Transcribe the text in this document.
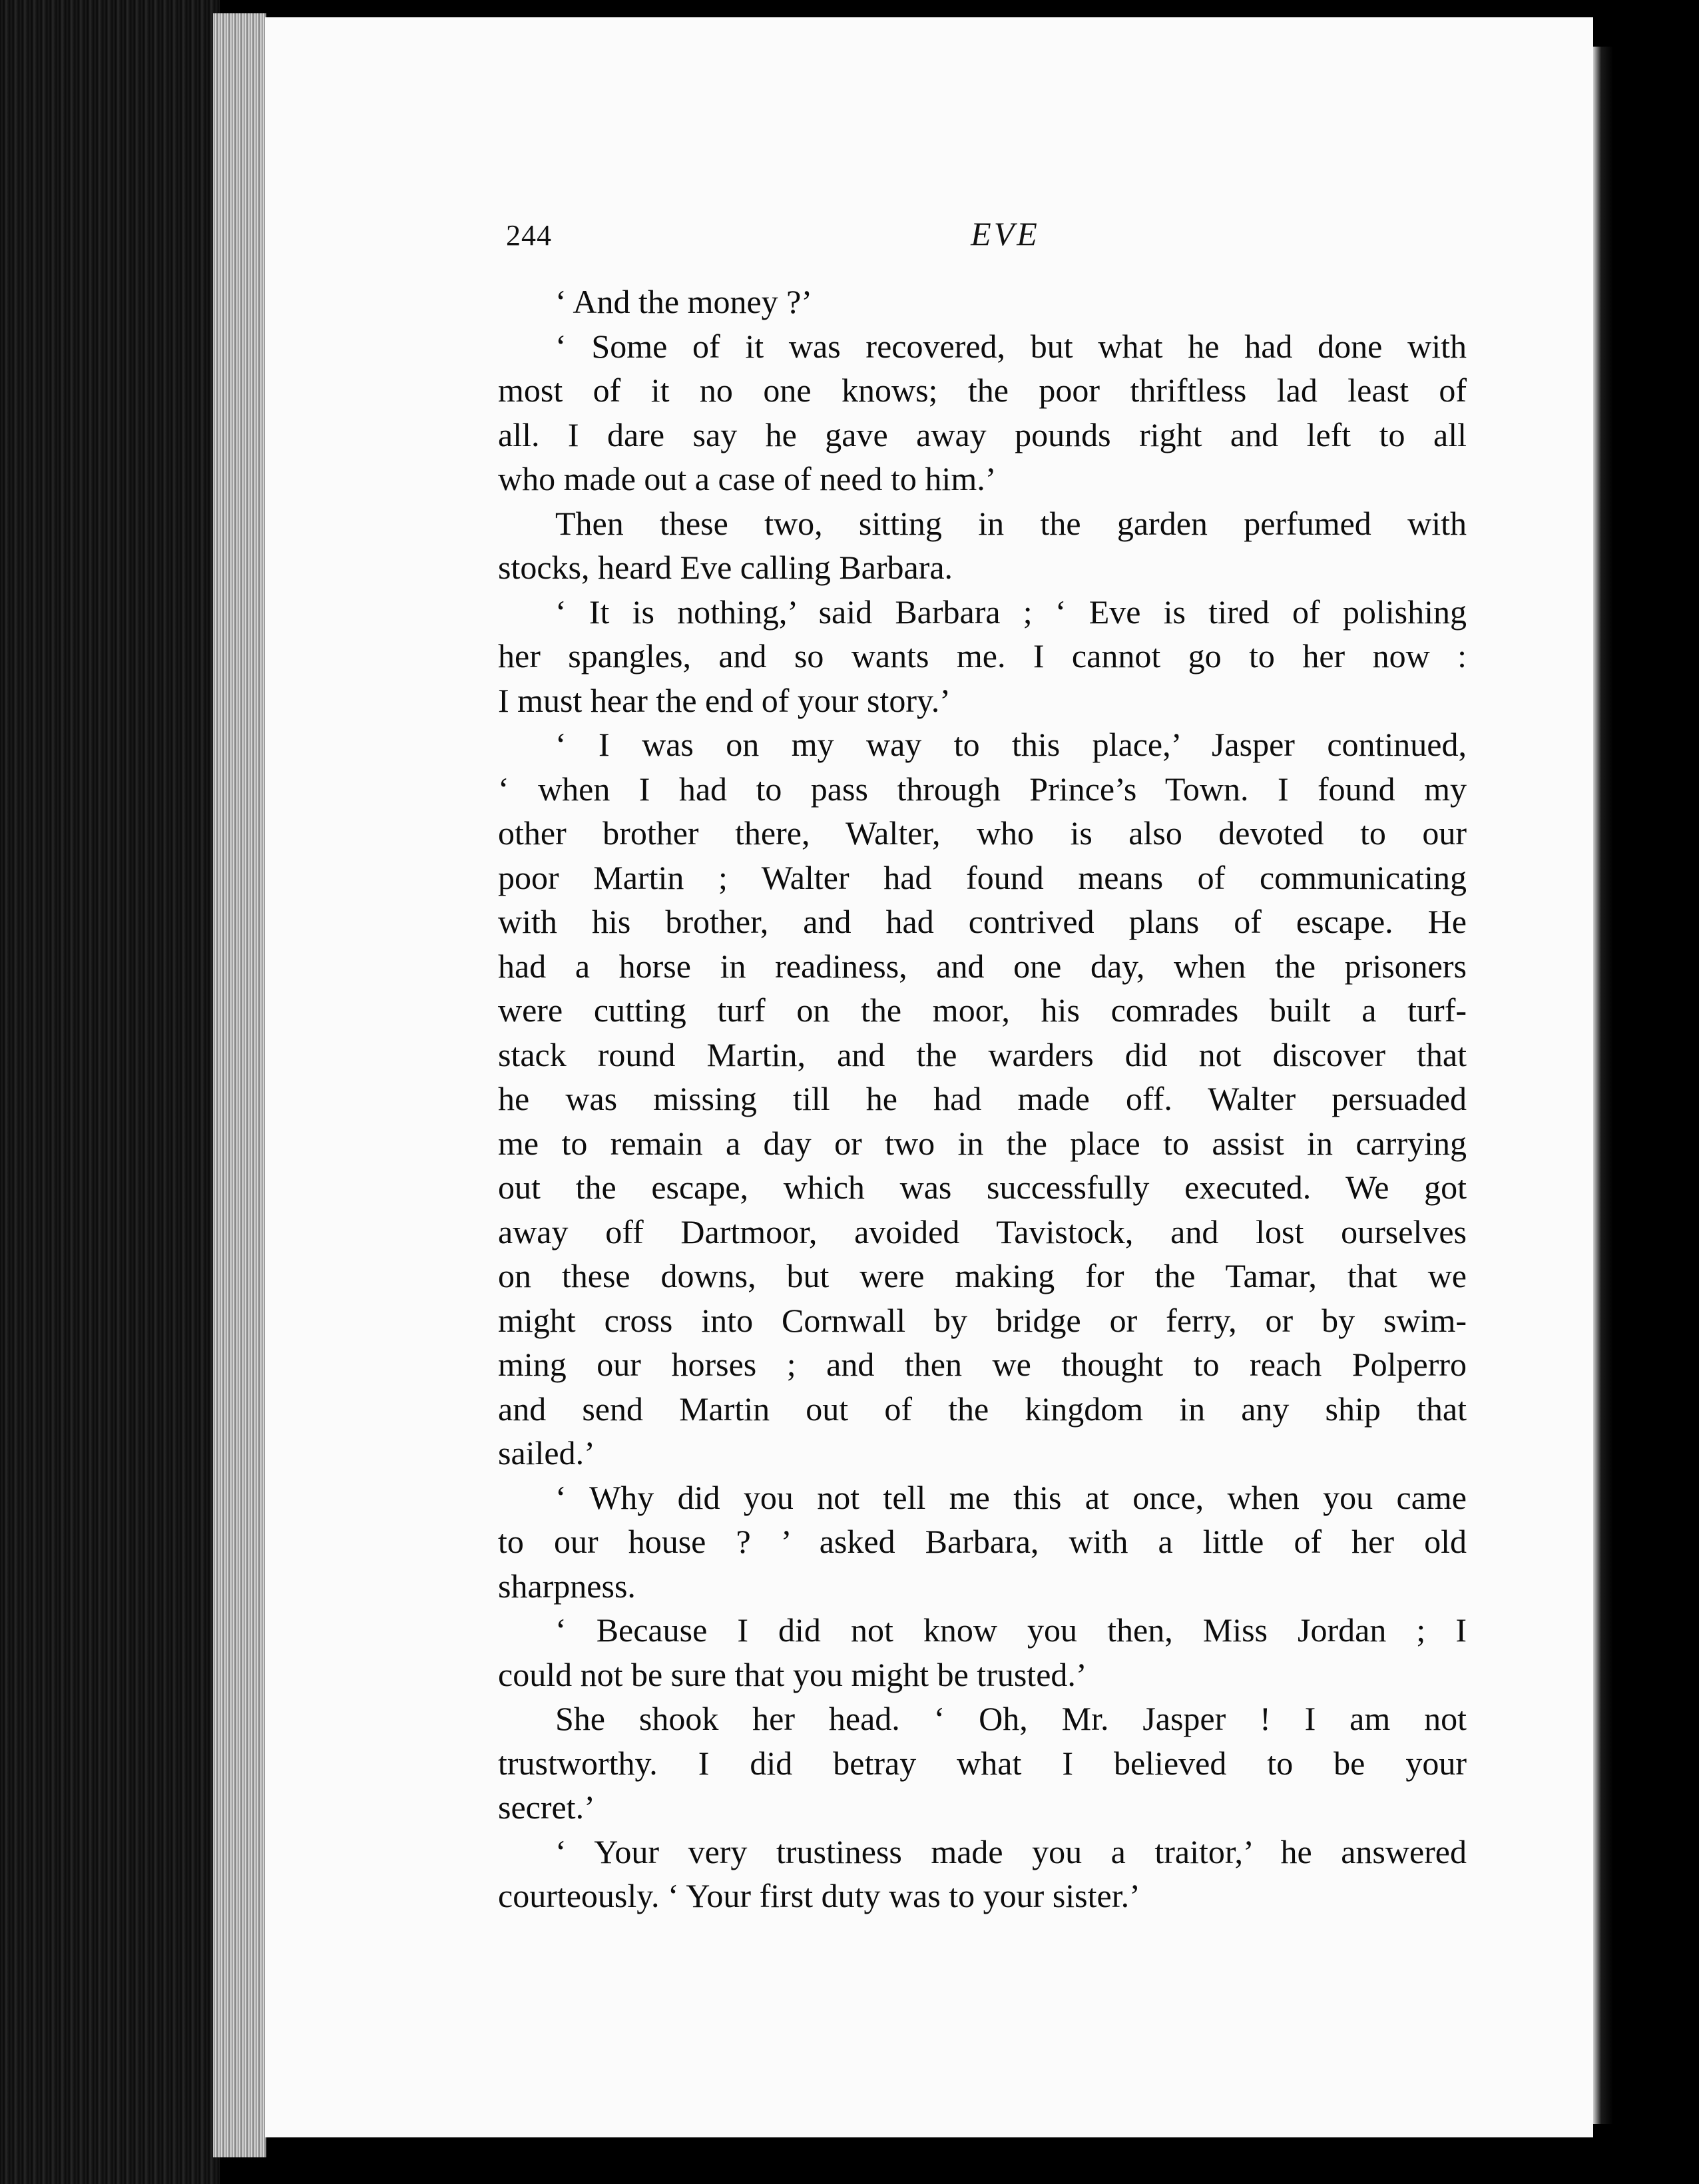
244	EVE
‘ And the money ?’
‘ Some of it was recovered, but what he had done with
most of it no one knows; the poor thriftless lad least of
all. I dare say he gave away pounds right and left to all
who made out a case of need to him.’
Then these two, sitting in the garden perfumed with
stocks, heard Eve calling Barbara.
‘ It is nothing,’ said Barbara ; ‘ Eve is tired of polishing
her spangles, and so wants me. I cannot go to her now :
I must hear the end of your story.’
‘ I was on my way to this place,’ Jasper continued,
‘ when I had to pass through Prince’s Town. I found my
other brother there, Walter, who is also devoted to our
poor Martin ; Walter had found means of communicating
with his brother, and had contrived plans of escape. He
had a horse in readiness, and one day, when the prisoners
were cutting turf on the moor, his comrades built a turf-
stack round Martin, and the warders did not discover that
he was missing till he had made off. Walter persuaded
me to remain a day or two in the place to assist in carrying
out the escape, which was successfully executed. We got
away off Dartmoor, avoided Tavistock, and lost ourselves
on these downs, but were making for the Tamar, that we
might cross into Cornwall by bridge or ferry, or by swim-
ming our horses ; and then we thought to reach Polperro
and send Martin out of the kingdom in any ship that
sailed.’
‘ Why did you not tell me this at once, when you came
to our house ? ’ asked Barbara, with a little of her old
sharpness.
‘ Because I did not know you then, Miss Jordan ; I
could not be sure that you might be trusted.’
She shook her head. ‘ Oh, Mr. Jasper ! I am not
trustworthy. I did betray what I believed to be your
secret.’
‘ Your very trustiness made you a traitor,’ he answered
courteously. ‘ Your first duty was to your sister.’
